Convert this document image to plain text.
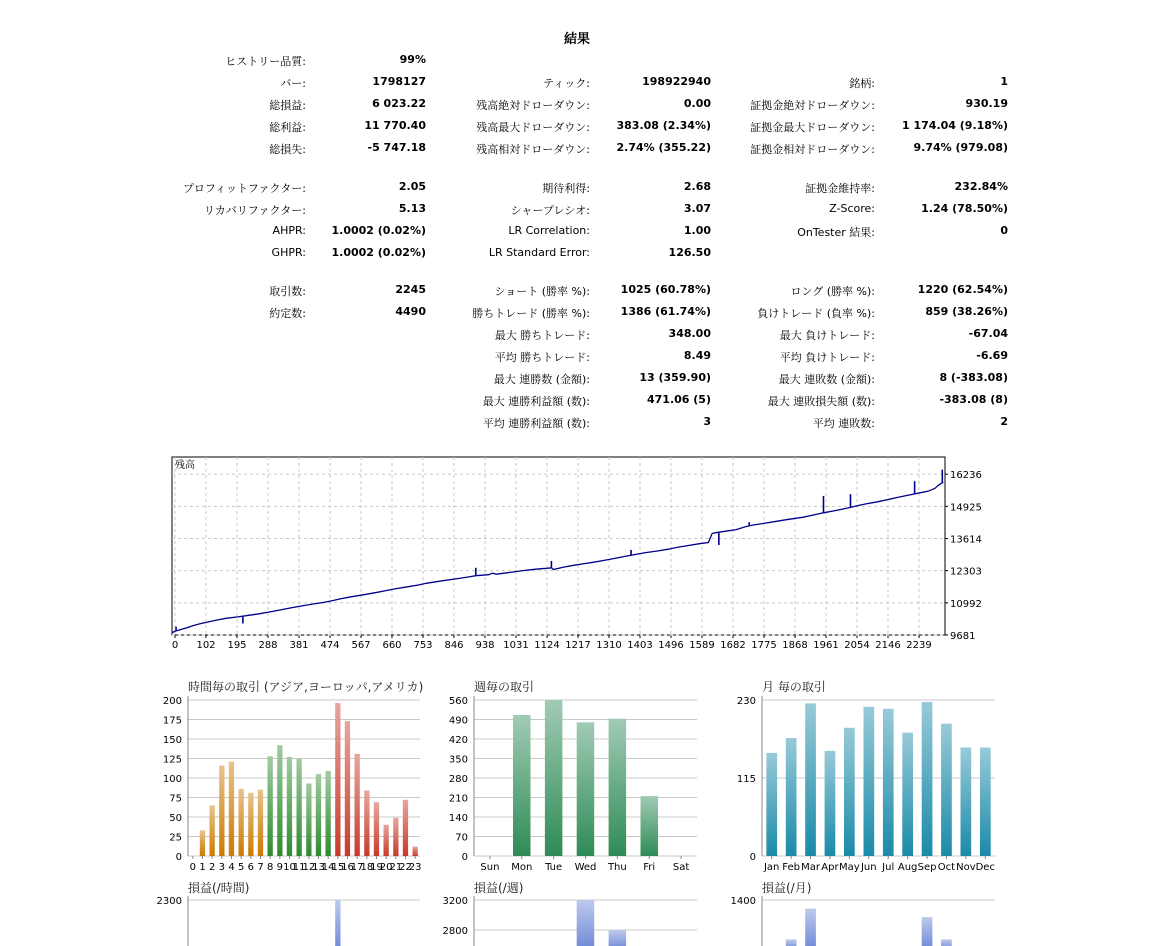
結果
ヒストリー品質:	99%
バー:	1798127
総損益:	6 023.22
総利益:	11 770.40
総損失:	-5 747.18
プロフィットファクター:	2.05
リカバリファクター:	5.13
AHPR: 1.0002 (0.02%)
GHPR: 1.0002 (0.02%)
取引数:	2245
約定数:	4490
ティック:	198922940
残高絶対ドローダウン:	0.00
残高最大ドローダウン: 383.08 (2.34%)
残高相対ドローダウン: 2.74% (355.22)
期待利得:	2.68
シャープレシオ:	3.07
LR Correlation:	1.00
LR Standard Error:	126.50
ショート (勝率 %):	1025 (60.78%)
勝ちトレード (勝率 %):	1386 (61.74%)
最大 勝ちトレード:	348.00
平均 勝ちトレード:	8.49
最大 連勝数 (金額):	13 (359.90)
最大 連勝利益額 (数):	471.06 (5)
平均 連勝利益額 (数):	3
銘柄:	1
証拠金絶対ドローダウン:	930.19
証拠金最大ドローダウン: 1 174.04 (9.18%)
証拠金相対ドローダウン:	9.74% (979.08)
証拠金維持率:	232.84%
Z-Score:	1.24 (78.50%)
OnTester 結果:	0
ロング (勝率 %):	1220 (62.54%)
負けトレード (負率 %):	859 (38.26%)
最大 負けトレード:	-67.04
平均 負けトレード:	-6.69
最大 連敗数 (金額):	8 (-383.08)
最大 連敗損失額 (数):	-383.08 (8)
平均 連敗数:	2
0 102 195 288 381 474 567 660 753 846 938 1031 1124 1217 1310 1403 1496 1589 1682 1775 1868 1961 2054 2146 2239
9681
10992
12303
13614
14925
16236
残高
時間毎の取引 (アジア,ヨーロッパ,アメリカ)
0
25
50
75
100
125
150
175
200
0 1 2 3 4 5 6 7 8 9 10
11
12
13
14
15
16
17
18
19
20
21
22
23
週毎の取引
0
70
140
210
280
350
420
490
560
Sun Mon Tue Wed Thu Fri Sat
月 毎の取引
0
115
230
Jan Feb Mar Apr May Jun Jul Aug Sep Oct Nov Dec
損益(/時間)
2300
損益(/週)
2800
3200
損益(/月)
1400
